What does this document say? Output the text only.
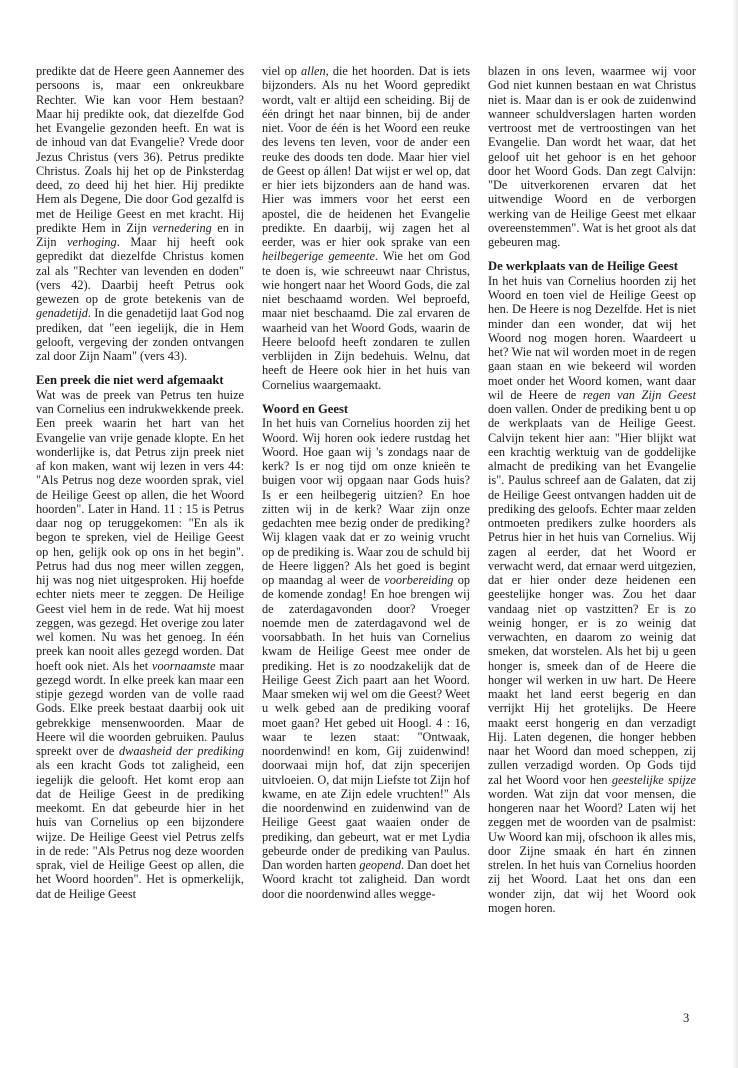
predikte dat de Heere geen Aannemer des persoons is, maar een onkreukbare Rechter. Wie kan voor Hem bestaan? Maar hij predikte ook, dat diezelfde God het Evangelie gezonden heeft. En wat is de inhoud van dat Evangelie? Vrede door Jezus Christus (vers 36). Petrus predikte Christus. Zoals hij het op de Pinksterdag deed, zo deed hij het hier. Hij predikte Hem als Degene, Die door God gezalfd is met de Heilige Geest en met kracht. Hij predikte Hem in Zijn vernedering en in Zijn verhoging. Maar hij heeft ook gepredikt dat diezelfde Christus komen zal als "Rechter van levenden en doden" (vers 42). Daarbij heeft Petrus ook gewezen op de grote betekenis van de genadetijd. In die genadetijd laat God nog prediken, dat "een iegelijk, die in Hem gelooft, vergeving der zonden ontvangen zal door Zijn Naam" (vers 43).

Een preek die niet werd afgemaakt

Wat was de preek van Petrus ten huize van Cornelius een indrukwekkende preek. Een preek waarin het hart van het Evangelie van vrije genade klopte. En het wonderlijke is, dat Petrus zijn preek niet af kon maken, want wij lezen in vers 44: "Als Petrus nog deze woorden sprak, viel de Heilige Geest op allen, die het Woord hoorden". Later in Hand. 11 : 15 is Petrus daar nog op teruggekomen: "En als ik begon te spreken, viel de Heilige Geest op hen, gelijk ook op ons in het begin". Petrus had dus nog meer willen zeggen, hij was nog niet uitgesproken. Hij hoefde echter niets meer te zeggen. De Heilige Geest viel hem in de rede. Wat hij moest zeggen, was gezegd. Het overige zou later wel komen. Nu was het genoeg. In één preek kan nooit alles gezegd worden. Dat hoeft ook niet. Als het voornaamste maar gezegd wordt. In elke preek kan maar een stipje gezegd worden van de volle raad Gods. Elke preek bestaat daarbij ook uit gebrekkige mensenwoorden. Maar de Heere wil die woorden gebruiken. Paulus spreekt over de dwaasheid der prediking als een kracht Gods tot zaligheid, een iegelijk die gelooft. Het komt erop aan dat de Heilige Geest in de prediking meekomt. En dat gebeurde hier in het huis van Cornelius op een bijzondere wijze. De Heilige Geest viel Petrus zelfs in de rede: "Als Petrus nog deze woorden sprak, viel de Heilige Geest op allen, die het Woord hoorden". Het is opmerkelijk, dat de Heilige Geest

viel op allen, die het hoorden. Dat is iets bijzonders. Als nu het Woord gepredikt wordt, valt er altijd een scheiding. Bij de één dringt het naar binnen, bij de ander niet. Voor de één is het Woord een reuke des levens ten leven, voor de ander een reuke des doods ten dode. Maar hier viel de Geest op állen! Dat wijst er wel op, dat er hier iets bijzonders aan de hand was. Hier was immers voor het eerst een apostel, die de heidenen het Evangelie predikte. En daarbij, wij zagen het al eerder, was er hier ook sprake van een heilbegerige gemeente. Wie het om God te doen is, wie schreeuwt naar Christus, wie hongert naar het Woord Gods, die zal niet beschaamd worden. Wel beproefd, maar niet beschaamd. Die zal ervaren de waarheid van het Woord Gods, waarin de Heere beloofd heeft zondaren te zullen verblijden in Zijn bedehuis. Welnu, dat heeft de Heere ook hier in het huis van Cornelius waargemaakt.

Woord en Geest

In het huis van Cornelius hoorden zij het Woord. Wij horen ook iedere rustdag het Woord. Hoe gaan wij 's zondags naar de kerk? Is er nog tijd om onze knieën te buigen voor wij opgaan naar Gods huis? Is er een heilbegerig uitzien? En hoe zitten wij in de kerk? Waar zijn onze gedachten mee bezig onder de prediking? Wij klagen vaak dat er zo weinig vrucht op de prediking is. Waar zou de schuld bij de Heere liggen? Als het goed is begint op maandag al weer de voorbereiding op de komende zondag! En hoe brengen wij de zaterdagavonden door? Vroeger noemde men de zaterdagavond wel de voorsabbath. In het huis van Cornelius kwam de Heilige Geest mee onder de prediking. Het is zo noodzakelijk dat de Heilige Geest Zich paart aan het Woord. Maar smeken wij wel om die Geest? Weet u welk gebed aan de prediking vooraf moet gaan? Het gebed uit Hoogl. 4 : 16, waar te lezen staat: "Ontwaak, noordenwind! en kom, Gij zuidenwind! doorwaai mijn hof, dat zijn specerijen uitvloeien. O, dat mijn Liefste tot Zijn hof kwame, en ate Zijn edele vruchten!" Als die noordenwind en zuidenwind van de Heilige Geest gaat waaien onder de prediking, dan gebeurt, wat er met Lydia gebeurde onder de prediking van Paulus. Dan worden harten geopend. Dan doet het Woord kracht tot zaligheid. Dan wordt door die noordenwind alles wegge-

blazen in ons leven, waarmee wij voor God niet kunnen bestaan en wat Christus niet is. Maar dan is er ook de zuidenwind wanneer schuldverslagen harten worden vertroost met de vertroostingen van het Evangelie. Dan wordt het waar, dat het geloof uit het gehoor is en het gehoor door het Woord Gods. Dan zegt Calvijn: "De uitverkorenen ervaren dat het uitwendige Woord en de verborgen werking van de Heilige Geest met elkaar overeenstemmen". Wat is het groot als dat gebeuren mag.

De werkplaats van de Heilige Geest

In het huis van Cornelius hoorden zij het Woord en toen viel de Heilige Geest op hen. De Heere is nog Dezelfde. Het is niet minder dan een wonder, dat wij het Woord nog mogen horen. Waardeert u het? Wie nat wil worden moet in de regen gaan staan en wie bekeerd wil worden moet onder het Woord komen, want daar wil de Heere de regen van Zijn Geest doen vallen. Onder de prediking bent u op de werkplaats van de Heilige Geest. Calvijn tekent hier aan: "Hier blijkt wat een krachtig werktuig van de goddelijke almacht de prediking van het Evangelie is". Paulus schreef aan de Galaten, dat zij de Heilige Geest ontvangen hadden uit de prediking des geloofs. Echter maar zelden ontmoeten predikers zulke hoorders als Petrus hier in het huis van Cornelius. Wij zagen al eerder, dat het Woord er verwacht werd, dat ernaar werd uitgezien, dat er hier onder deze heidenen een geestelijke honger was. Zou het daar vandaag niet op vastzitten? Er is zo weinig honger, er is zo weinig dat verwachten, en daarom zo weinig dat smeken, dat worstelen. Als het bij u geen honger is, smeek dan of de Heere die honger wil werken in uw hart. De Heere maakt het land eerst begerig en dan verrijkt Hij het grotelijks. De Heere maakt eerst hongerig en dan verzadigt Hij. Laten degenen, die honger hebben naar het Woord dan moed scheppen, zij zullen verzadigd worden. Op Gods tijd zal het Woord voor hen geestelijke spijze worden. Wat zijn dat voor mensen, die hongeren naar het Woord? Laten wij het zeggen met de woorden van de psalmist: Uw Woord kan mij, ofschoon ik alles mis, door Zijne smaak én hart én zinnen strelen. In het huis van Cornelius hoorden zij het Woord. Laat het ons dan een wonder zijn, dat wij het Woord ook mogen horen.

3
